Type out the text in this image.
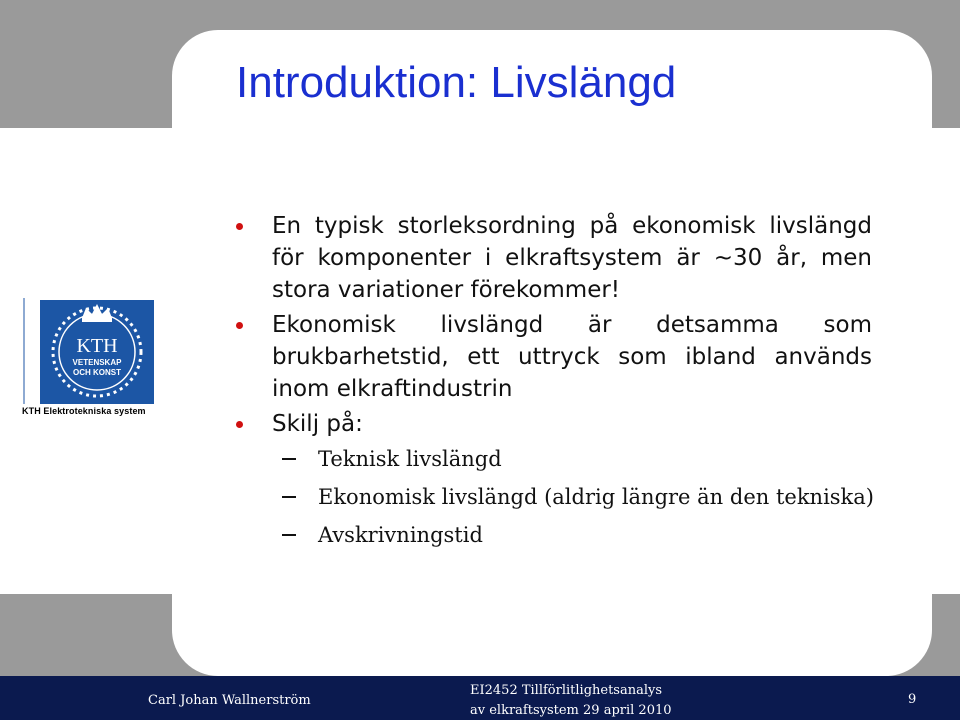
Introduktion: Livslängd
KTH
VETENSKAP
OCH KONST
KTH Elektrotekniska system
En typisk storleksordning på ekonomisk livslängd för komponenter i elkraftsystem är ~30 år, men stora variationer förekommer!
Ekonomisk livslängd är detsamma som brukbarhetstid, ett uttryck som ibland används inom elkraftindustrin
Skilj på:
Teknisk livslängd
Ekonomisk livslängd (aldrig längre än den tekniska)
Avskrivningstid
Carl Johan Wallnerström
EI2452 Tillförlitlighetsanalys
av elkraftsystem 29 april 2010
9
